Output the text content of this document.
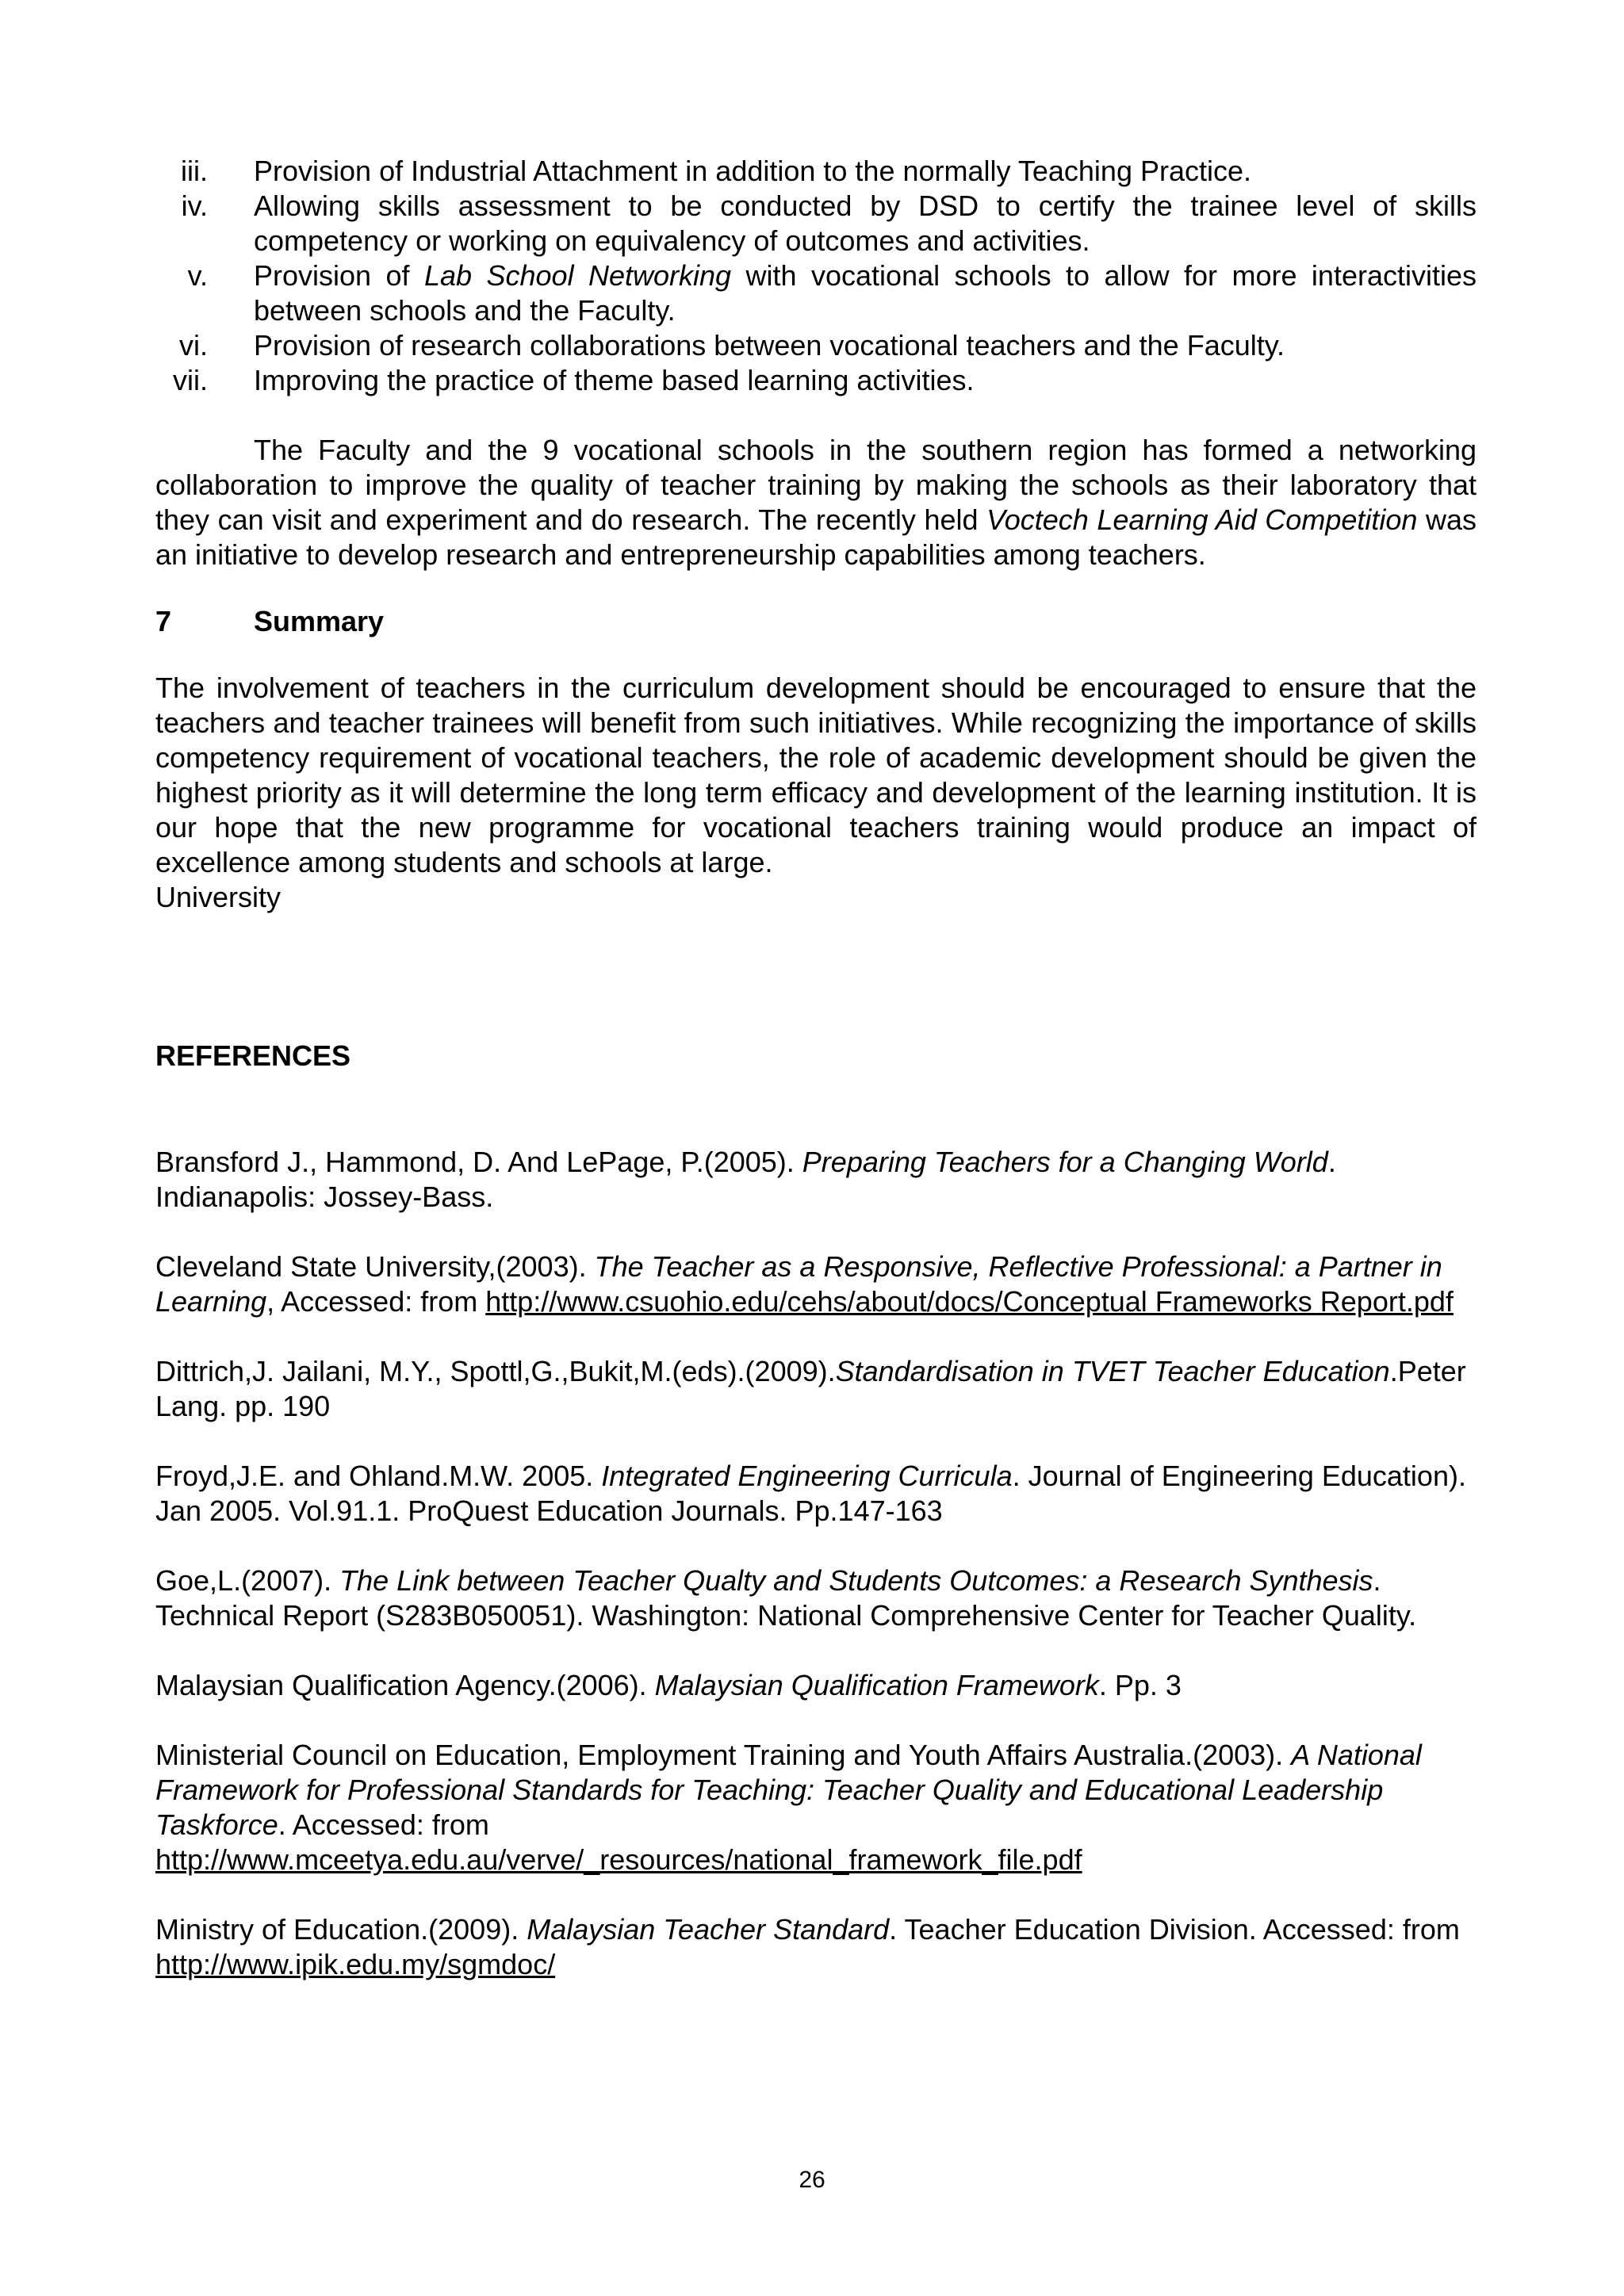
iii. Provision of Industrial Attachment in addition to the normally Teaching Practice.
iv. Allowing skills assessment to be conducted by DSD to certify the trainee level of skills competency or working on equivalency of outcomes and activities.
v. Provision of Lab School Networking with vocational schools to allow for more interactivities between schools and the Faculty.
vi. Provision of research collaborations between vocational teachers and the Faculty.
vii. Improving the practice of theme based learning activities.

The Faculty and the 9 vocational schools in the southern region has formed a networking collaboration to improve the quality of teacher training by making the schools as their laboratory that they can visit and experiment and do research. The recently held Voctech Learning Aid Competition was an initiative to develop research and entrepreneurship capabilities among teachers.

7	Summary

The involvement of teachers in the curriculum development should be encouraged to ensure that the teachers and teacher trainees will benefit from such initiatives. While recognizing the importance of skills competency requirement of vocational teachers, the role of academic development should be given the highest priority as it will determine the long term efficacy and development of the learning institution. It is our hope that the new programme for vocational teachers training would produce an impact of excellence among students and schools at large.

University

REFERENCES

Bransford J., Hammond, D. And LePage, P.(2005). Preparing Teachers for a Changing World. Indianapolis: Jossey-Bass.

Cleveland State University,(2003). The Teacher as a Responsive, Reflective Professional: a Partner in Learning, Accessed: from http://www.csuohio.edu/cehs/about/docs/Conceptual Frameworks Report.pdf

Dittrich,J. Jailani, M.Y., Spottl,G.,Bukit,M.(eds).(2009).Standardisation in TVET Teacher Education.Peter Lang. pp. 190

Froyd,J.E. and Ohland.M.W. 2005. Integrated Engineering Curricula. Journal of Engineering Education). Jan 2005. Vol.91.1. ProQuest Education Journals. Pp.147-163

Goe,L.(2007). The Link between Teacher Qualty and Students Outcomes: a Research Synthesis. Technical Report (S283B050051). Washington: National Comprehensive Center for Teacher Quality.

Malaysian Qualification Agency.(2006). Malaysian Qualification Framework. Pp. 3

Ministerial Council on Education, Employment Training and Youth Affairs Australia.(2003). A National Framework for Professional Standards for Teaching: Teacher Quality and Educational Leadership Taskforce. Accessed: from
http://www.mceetya.edu.au/verve/_resources/national_framework_file.pdf

Ministry of Education.(2009). Malaysian Teacher Standard. Teacher Education Division. Accessed: from http://www.ipik.edu.my/sgmdoc/

26
